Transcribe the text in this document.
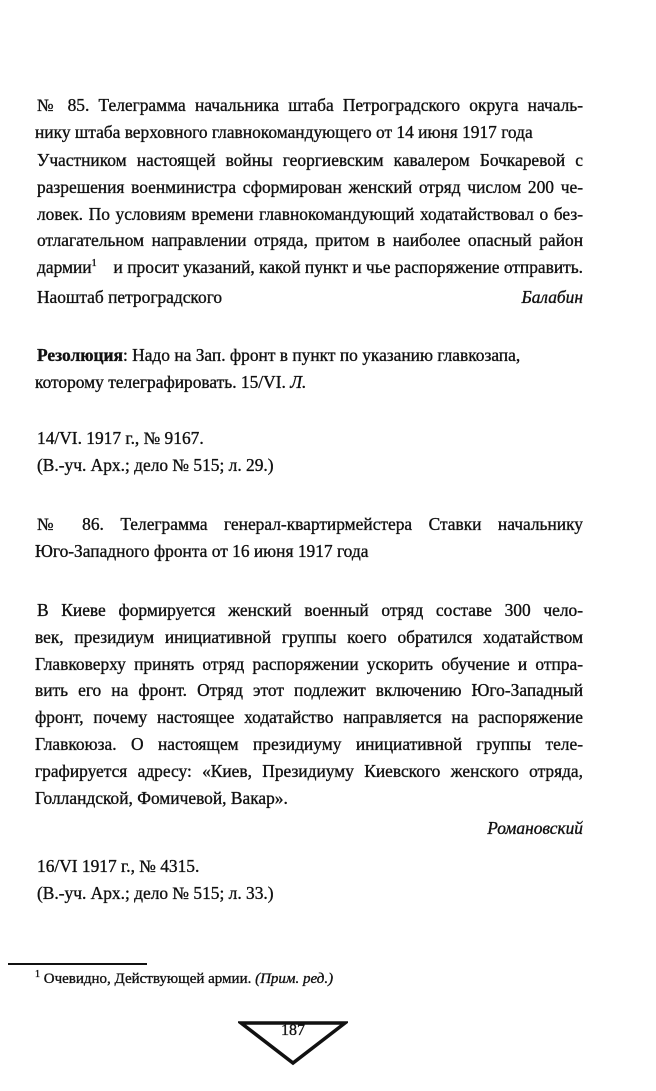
№ 85. Телеграмма начальника штаба Петроградского округа началь-
нику штаба верховного главнокомандующего от 14 июня 1917 года
Участником настоящей войны георгиевским кавалером Бочкаревой с
разрешения военминистра сформирован женский отряд числом 200 че-
ловек. По условиям времени главнокомандующий ходатайствовал о без-
отлагательном направлении отряда, притом в наиболее опасный район
дармии$^1$ и просит указаний, какой пункт и чье распоряжение отправить.
Наоштаб петроградского	Балабин
Резолюция: Надо на Зап. фронт в пункт по указанию главкозапа,
которому телеграфировать. 15/VI. Л.
14/VI. 1917 г., № 9167.
(В.-уч. Арх.; дело № 515; л. 29.)
№ 86. Телеграмма генерал-квартирмейстера Ставки начальнику
Юго-Западного фронта от 16 июня 1917 года
В Киеве формируется женский военный отряд составе 300 чело-
век, президиум инициативной группы коего обратился ходатайством
Главковерху принять отряд распоряжении ускорить обучение и отпра-
вить его на фронт. Отряд этот подлежит включению Юго-Западный
фронт, почему настоящее ходатайство направляется на распоряжение
Главкоюза. О настоящем президиуму инициативной группы теле-
графируется адресу: «Киев, Президиуму Киевского женского отряда,
Голландской, Фомичевой, Вакар».
Романовский
16/VI 1917 г., № 4315.
(В.-уч. Арх.; дело № 515; л. 33.)
$^1$ Очевидно, Действующей армии. (Прим. ред.)
187
